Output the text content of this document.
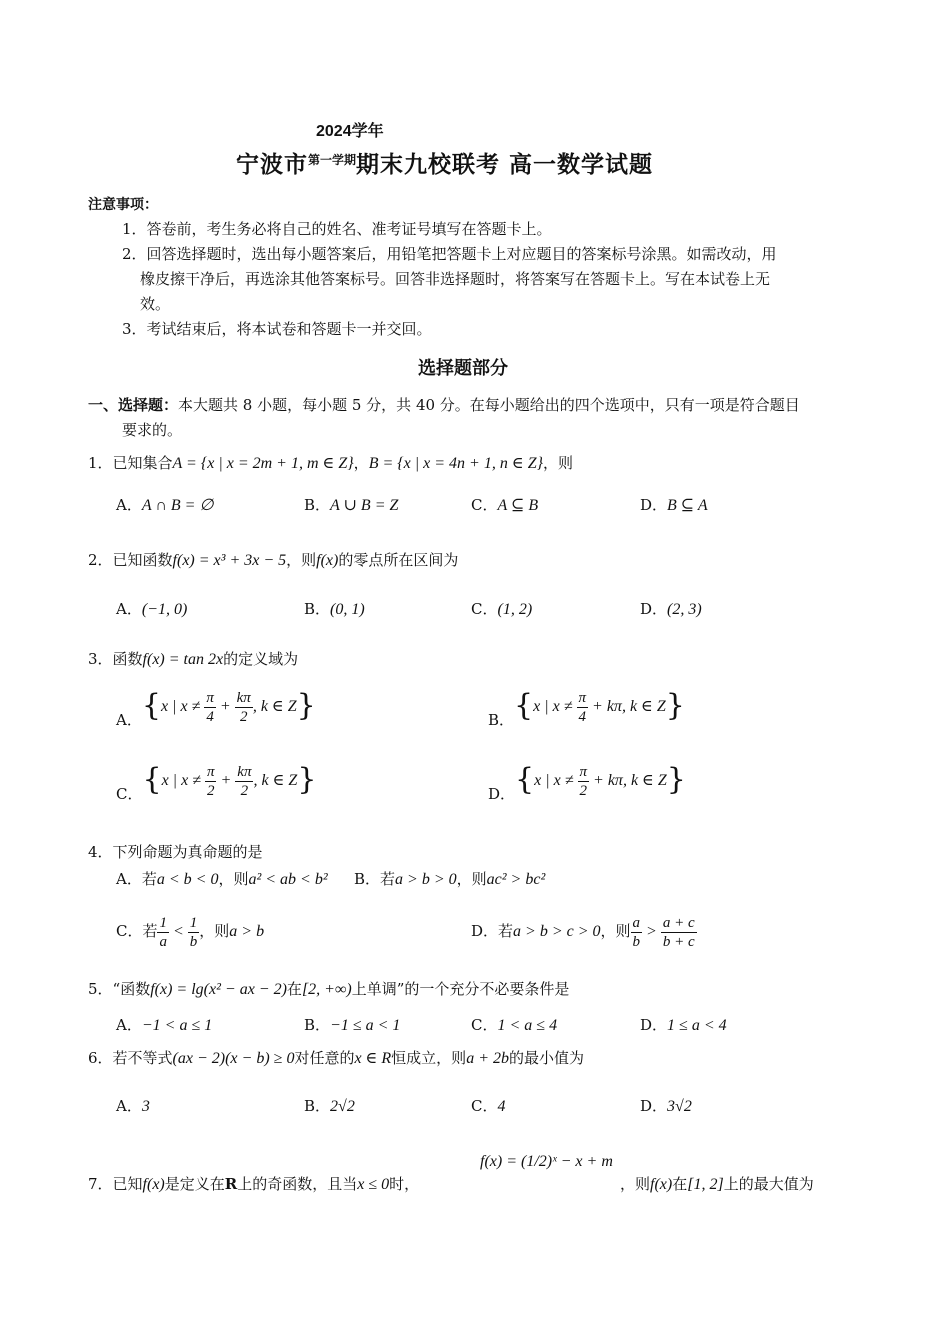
2024学年
宁波市$^{第一学期}$期末九校联考 高一数学试题
注意事项：
1．答卷前，考生务必将自己的姓名、准考证号填写在答题卡上。
2．回答选择题时，选出每小题答案后，用铅笔把答题卡上对应题目的答案标号涂黑。如需改动，用
橡皮擦干净后，再选涂其他答案标号。回答非选择题时，将答案写在答题卡上。写在本试卷上无
效。
3．考试结束后，将本试卷和答题卡一并交回。
选择题部分
一、选择题：本大题共 8 小题，每小题 5 分，共 40 分。在每小题给出的四个选项中，只有一项是符合题目
要求的。
1．已知集合A = {x | x = 2m + 1, m ∈ Z}，B = {x | x = 4n + 1, n ∈ Z}，则
A．A ∩ B = ∅	B．A ∪ B = Z	C．A ⊆ B	D．B ⊆ A
2．已知函数f(x) = x³ + 3x − 5，则f(x)的零点所在区间为
A．(−1, 0)	B．(0, 1)	C．(1, 2)	D．(2, 3)
3．函数f(x) = tan 2x的定义域为
A．{x | $x \ne \frac{\pi}{4} + \frac{k\pi}{2}$ , k ∈ Z}	B．{x | $x \ne \frac{\pi}{4} + k\pi$, k ∈ Z}
C．{x | $x \ne \frac{\pi}{2} + \frac{k\pi}{2}$ , k ∈ Z}	D．{x | $x \ne \frac{\pi}{2} + k\pi$, k ∈ Z}
4．下列命题为真命题的是
A．若a < b < 0，则a² < ab < b² B．若a > b > 0，则ac² > bc²
C．若 $\frac{1}{a} < \frac{1}{b}$ ，则a > b	D．若a > b > c > 0，则 $\frac{a}{b} > \frac{a + c}{b + c}$
5．“函数f(x) = lg(x² − ax − 2)在[2, +∞)上单调”的一个充分不必要条件是
A．−1 < a ≤ 1	B．−1 ≤ a < 1	C．1 < a ≤ 4	D．1 ≤ a < 4
6．若不等式(ax − 2)(x − b) ≥ 0对任意的x ∈ R恒成立，则a + 2b的最小值为
A．3	B．2√2	C．4	D．3√2
7．已知f(x)是定义在R上的奇函数，且当x ≤ 0时，
f(x) = (1/2)ˣ − x + m
，则f(x)在[1, 2]上的最大值为
